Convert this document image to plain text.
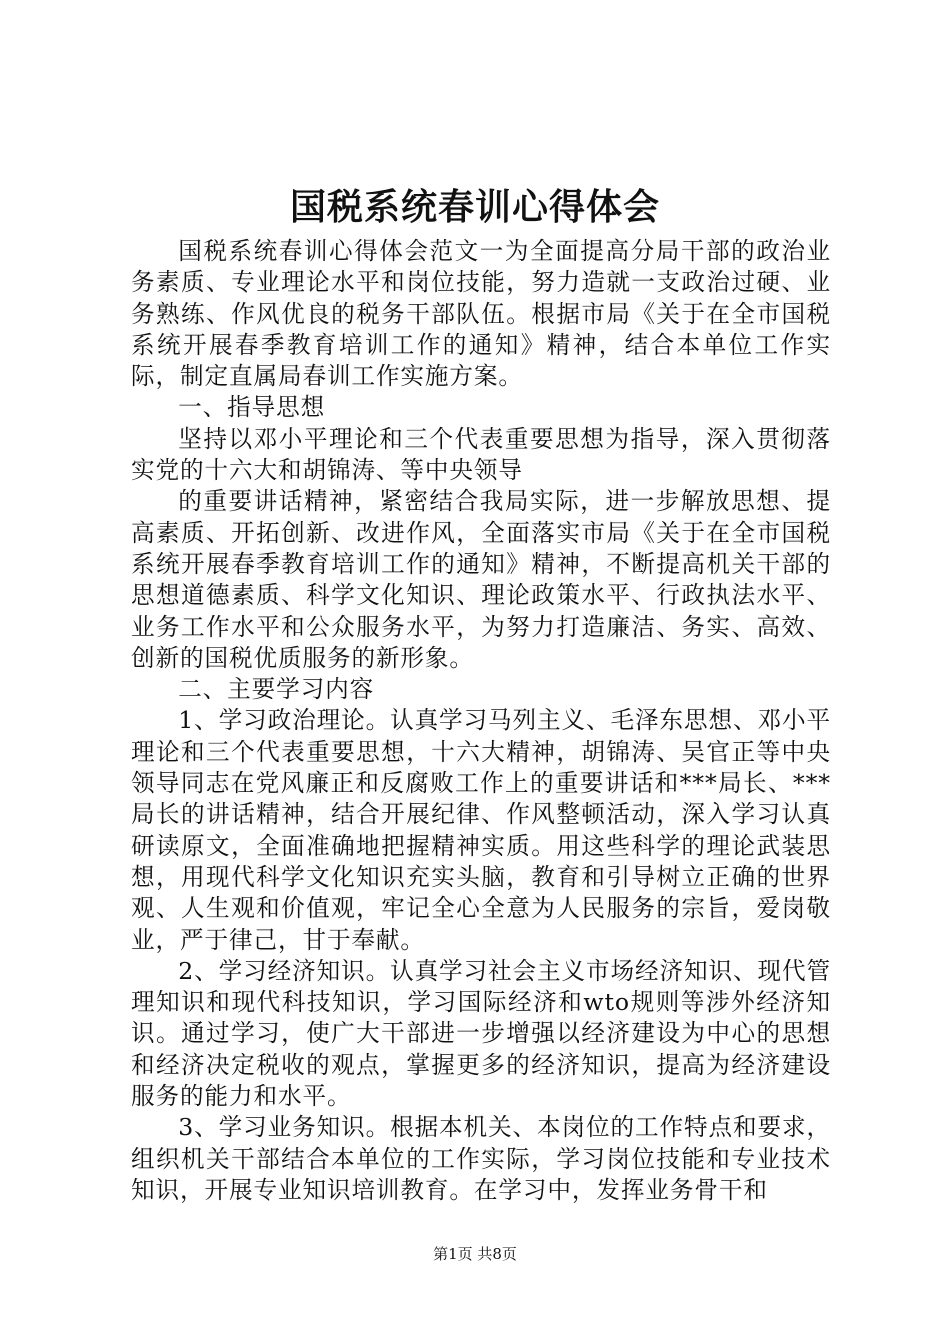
国税系统春训心得体会

国税系统春训心得体会范文一为全面提高分局干部的政治业务素质、专业理论水平和岗位技能，努力造就一支政治过硬、业务熟练、作风优良的税务干部队伍。根据市局《关于在全市国税系统开展春季教育培训工作的通知》精神，结合本单位工作实际，制定直属局春训工作实施方案。

一、指导思想

坚持以邓小平理论和三个代表重要思想为指导，深入贯彻落实党的十六大和胡锦涛、等中央领导

的重要讲话精神，紧密结合我局实际，进一步解放思想、提高素质、开拓创新、改进作风，全面落实市局《关于在全市国税系统开展春季教育培训工作的通知》精神，不断提高机关干部的思想道德素质、科学文化知识、理论政策水平、行政执法水平、业务工作水平和公众服务水平，为努力打造廉洁、务实、高效、创新的国税优质服务的新形象。

二、主要学习内容

1、学习政治理论。认真学习马列主义、毛泽东思想、邓小平理论和三个代表重要思想，十六大精神，胡锦涛、吴官正等中央领导同志在党风廉正和反腐败工作上的重要讲话和***局长、***局长的讲话精神，结合开展纪律、作风整顿活动，深入学习认真研读原文，全面准确地把握精神实质。用这些科学的理论武装思想，用现代科学文化知识充实头脑，教育和引导树立正确的世界观、人生观和价值观，牢记全心全意为人民服务的宗旨，爱岗敬业，严于律己，甘于奉献。

2、学习经济知识。认真学习社会主义市场经济知识、现代管理知识和现代科技知识，学习国际经济和wto规则等涉外经济知识。通过学习，使广大干部进一步增强以经济建设为中心的思想和经济决定税收的观点，掌握更多的经济知识，提高为经济建设服务的能力和水平。

3、学习业务知识。根据本机关、本岗位的工作特点和要求，组织机关干部结合本单位的工作实际，学习岗位技能和专业技术知识，开展专业知识培训教育。在学习中，发挥业务骨干和

第1页 共8页
